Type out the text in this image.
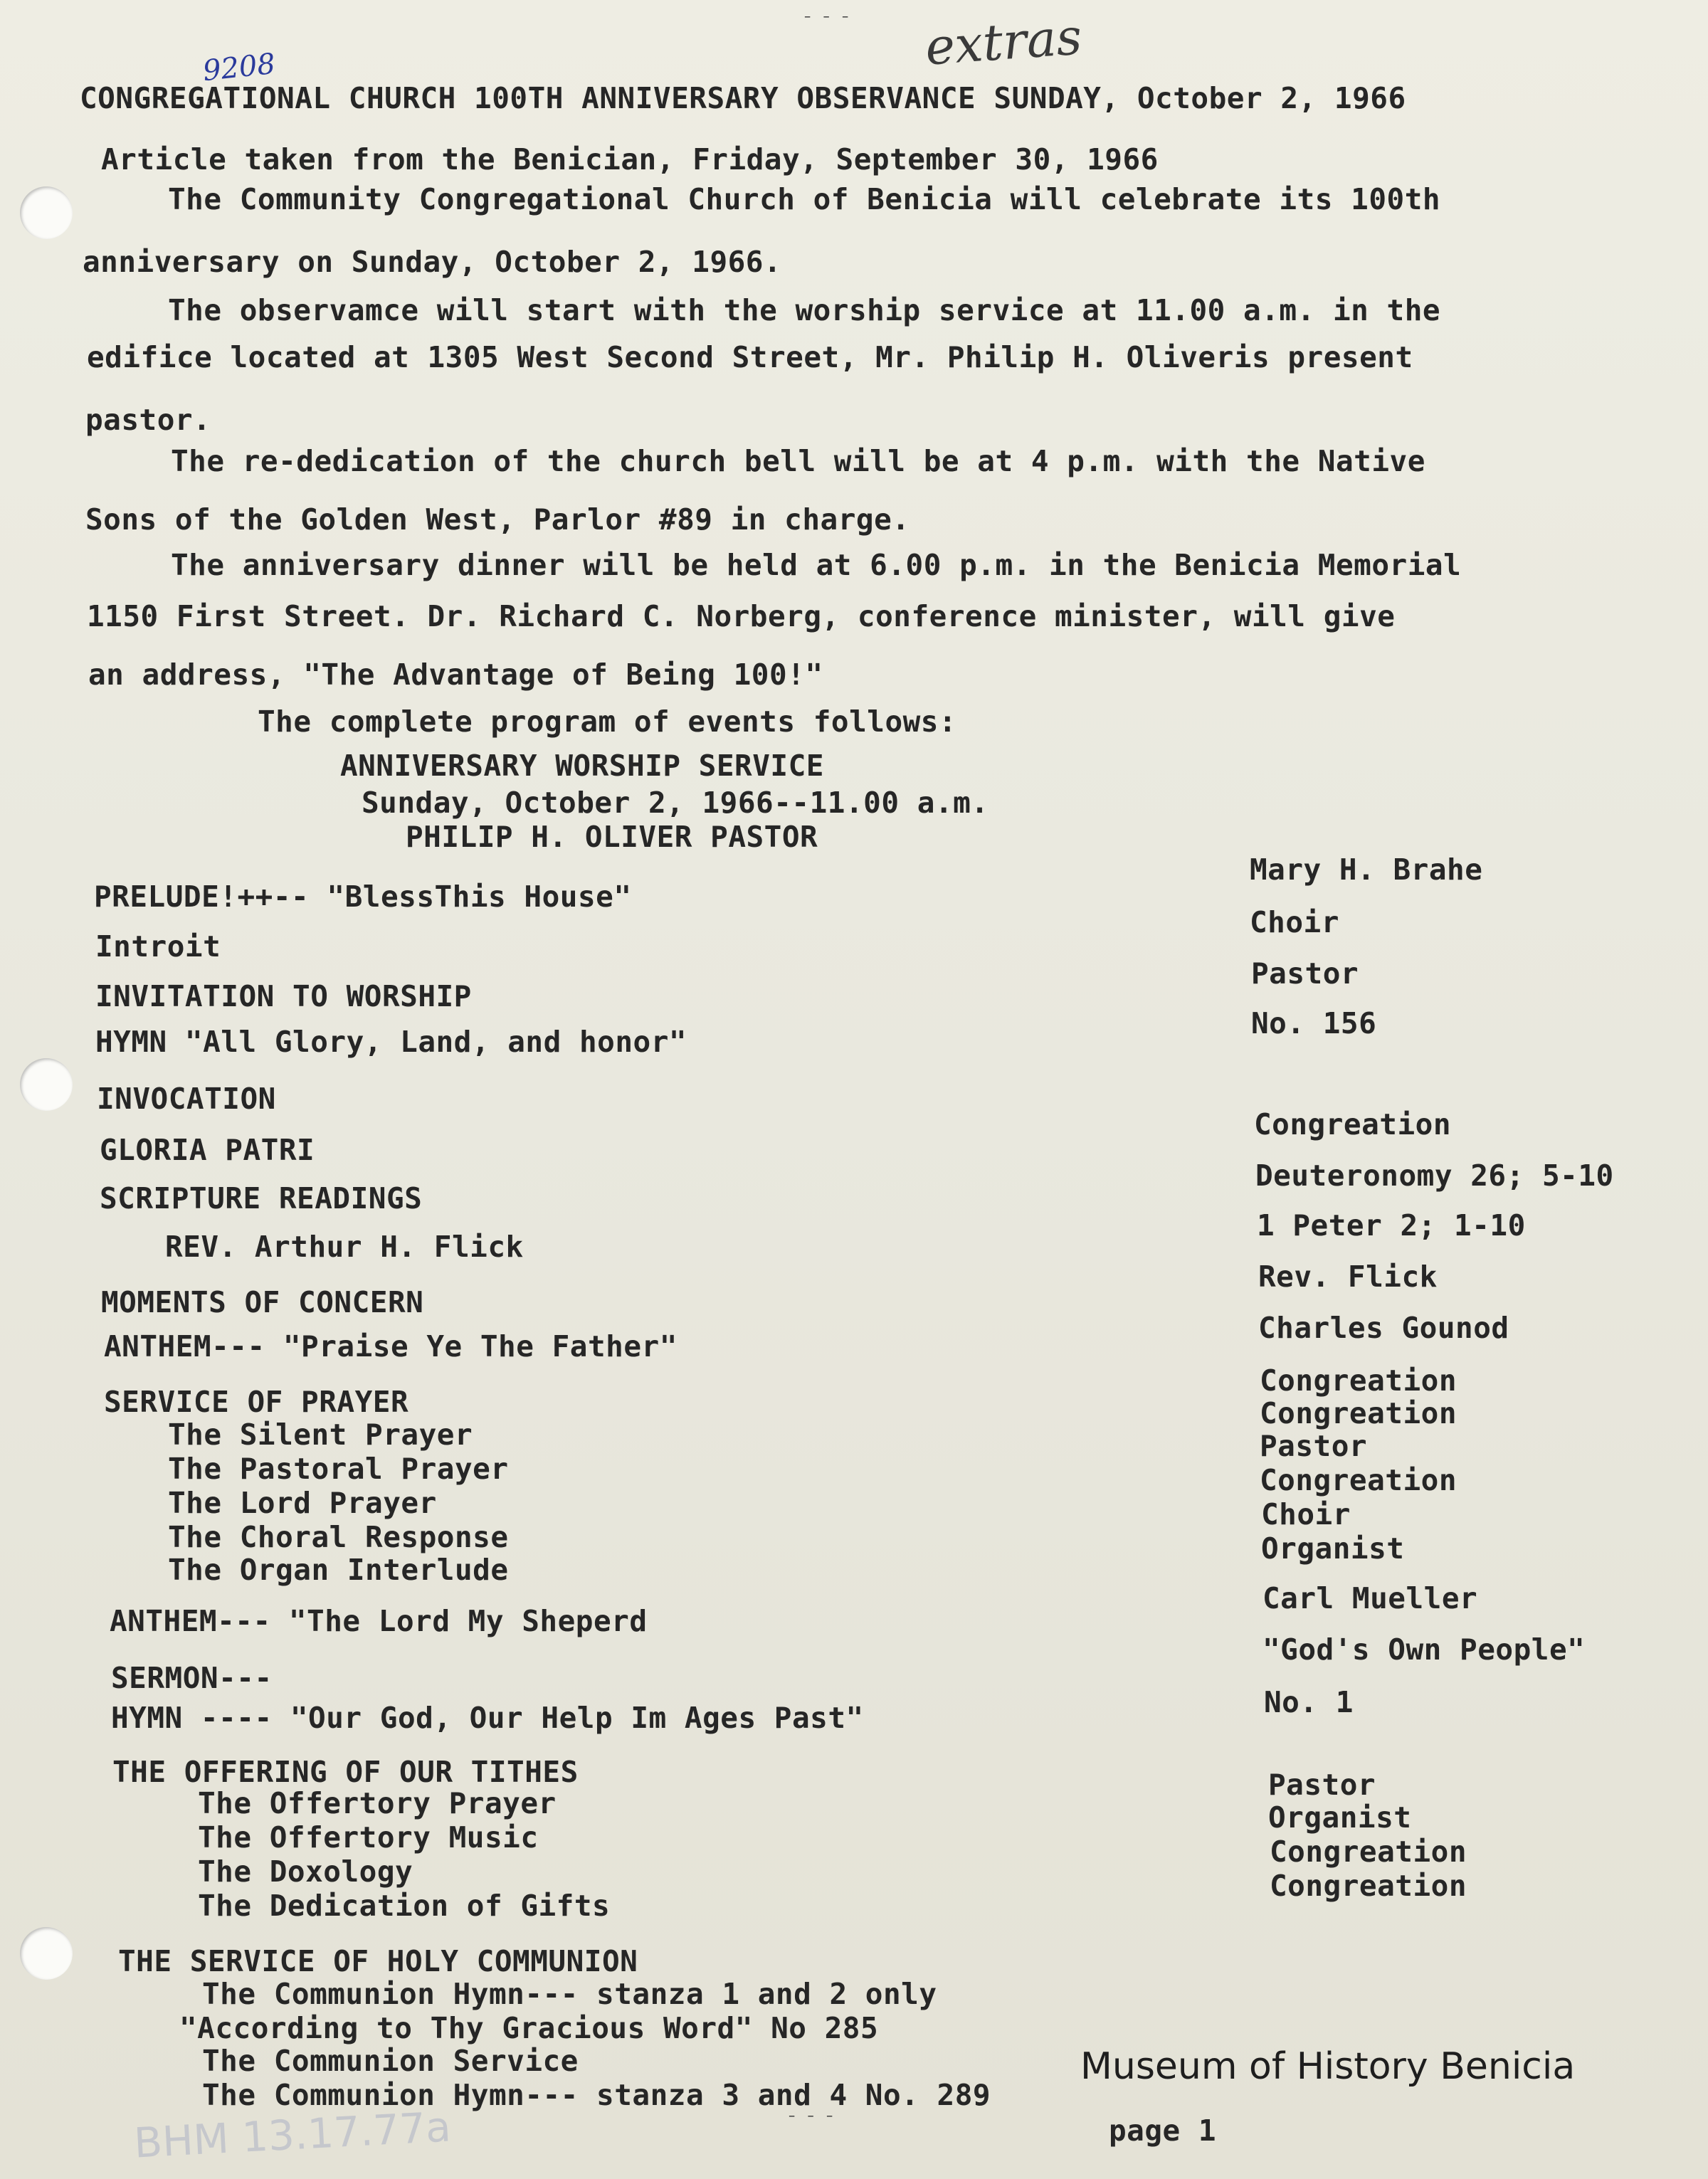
⁻ ⁻ ⁻ extras
9208
CONGREGATIONAL CHURCH 100TH ANNIVERSARY OBSERVANCE SUNDAY, October 2, 1966
Article taken from the Benician, Friday, September 30, 1966
The Community Congregational Church of Benicia will celebrate its 100th
anniversary on Sunday, October 2, 1966.
The observamce will start with the worship service at 11.00 a.m. in the
edifice located at 1305 West Second Street, Mr. Philip H. Oliveris present
pastor.
The re-dedication of the church bell will be at 4 p.m. with the Native
Sons of the Golden West, Parlor #89 in charge.
The anniversary dinner will be held at 6.00 p.m. in the Benicia Memorial
1150 First Street. Dr. Richard C. Norberg, conference minister, will give
an address, "The Advantage of Being 100!"
The complete program of events follows:
ANNIVERSARY WORSHIP SERVICE
Sunday, October 2, 1966--11.00 a.m.
PHILIP H. OLIVER PASTOR
PRELUDE!++-- "BlessThis House"
Introit
INVITATION TO WORSHIP
HYMN "All Glory, Land, and honor"
INVOCATION
GLORIA PATRI
SCRIPTURE READINGS
REV. Arthur H. Flick
MOMENTS OF CONCERN
ANTHEM--- "Praise Ye The Father"
SERVICE OF PRAYER
The Silent Prayer
The Pastoral Prayer
The Lord Prayer
The Choral Response
The Organ Interlude
ANTHEM--- "The Lord My Sheperd
SERMON---
HYMN ---- "Our God, Our Help Im Ages Past"
THE OFFERING OF OUR TITHES
The Offertory Prayer
The Offertory Music
The Doxology
The Dedication of Gifts
THE SERVICE OF HOLY COMMUNION
The Communion Hymn--- stanza 1 and 2 only
"According to Thy Gracious Word" No 285
The Communion Service
The Communion Hymn--- stanza 3 and 4 No. 289
Mary H. Brahe
Choir
Pastor
No. 156
Congreation
Deuteronomy 26; 5-10
1 Peter 2; 1-10
Rev. Flick
Charles Gounod
Congreation
Congreation
Pastor
Congreation
Choir
Organist
Carl Mueller
"God's Own People"
No. 1
Pastor
Organist
Congreation
Congreation
page 1
⁻ ⁻ ⁻
BHM 13.17.77a
Museum of History Benicia
